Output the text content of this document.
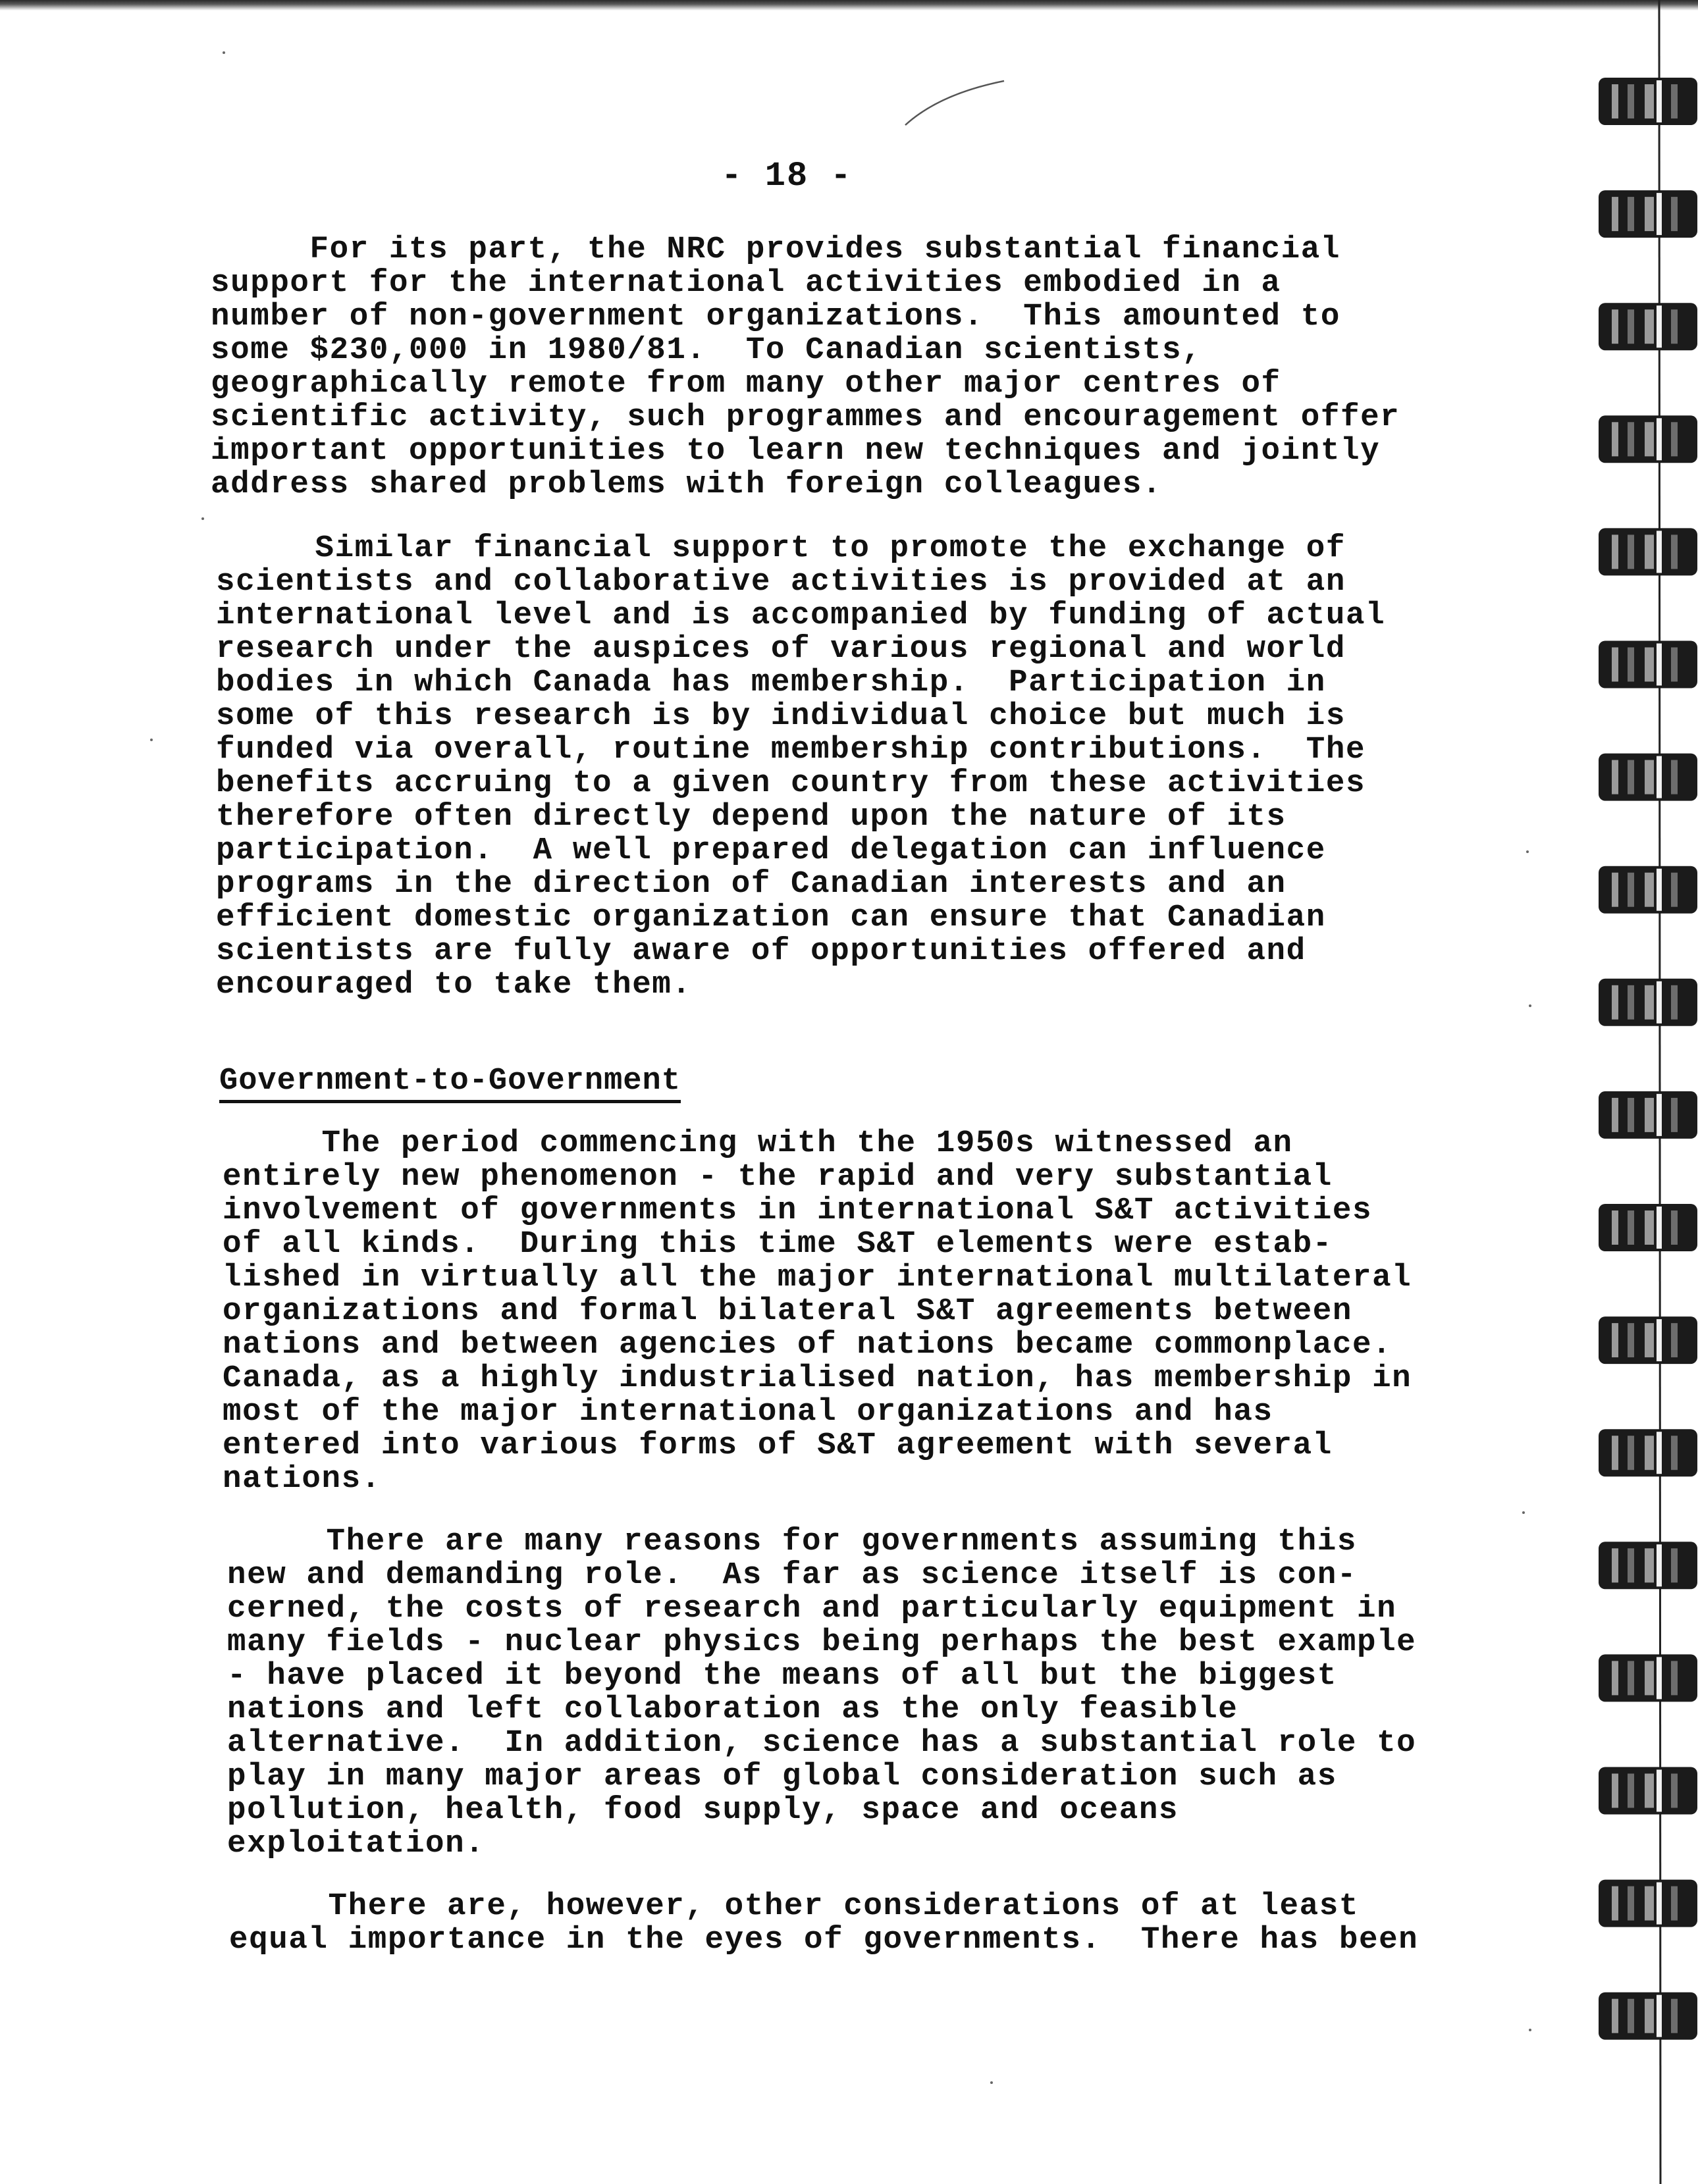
- 18 -
For its part, the NRC provides substantial financial
support for the international activities embodied in a
number of non-government organizations.  This amounted to
some $230,000 in 1980/81.  To Canadian scientists,
geographically remote from many other major centres of
scientific activity, such programmes and encouragement offer
important opportunities to learn new techniques and jointly
address shared problems with foreign colleagues.
Similar financial support to promote the exchange of
scientists and collaborative activities is provided at an
international level and is accompanied by funding of actual
research under the auspices of various regional and world
bodies in which Canada has membership.  Participation in
some of this research is by individual choice but much is
funded via overall, routine membership contributions.  The
benefits accruing to a given country from these activities
therefore often directly depend upon the nature of its
participation.  A well prepared delegation can influence
programs in the direction of Canadian interests and an
efficient domestic organization can ensure that Canadian
scientists are fully aware of opportunities offered and
encouraged to take them.
Government-to-Government
The period commencing with the 1950s witnessed an
entirely new phenomenon - the rapid and very substantial
involvement of governments in international S&T activities
of all kinds.  During this time S&T elements were estab-
lished in virtually all the major international multilateral
organizations and formal bilateral S&T agreements between
nations and between agencies of nations became commonplace.
Canada, as a highly industrialised nation, has membership in
most of the major international organizations and has
entered into various forms of S&T agreement with several
nations.
There are many reasons for governments assuming this
new and demanding role.  As far as science itself is con-
cerned, the costs of research and particularly equipment in
many fields - nuclear physics being perhaps the best example
- have placed it beyond the means of all but the biggest
nations and left collaboration as the only feasible
alternative.  In addition, science has a substantial role to
play in many major areas of global consideration such as
pollution, health, food supply, space and oceans
exploitation.
There are, however, other considerations of at least
equal importance in the eyes of governments.  There has been
